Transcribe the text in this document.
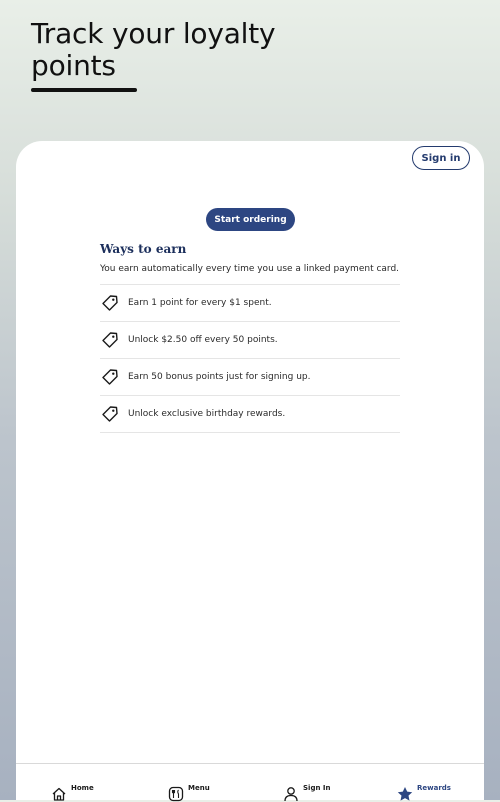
Track your loyalty points
Sign in
Start ordering
Ways to earn

You earn automatically every time you use a linked payment card.

Earn 1 point for every $1 spent.
Unlock $2.50 off every 50 points.
Earn 50 bonus points just for signing up.
Unlock exclusive birthday rewards.
Home	Menu	Sign In	Rewards
